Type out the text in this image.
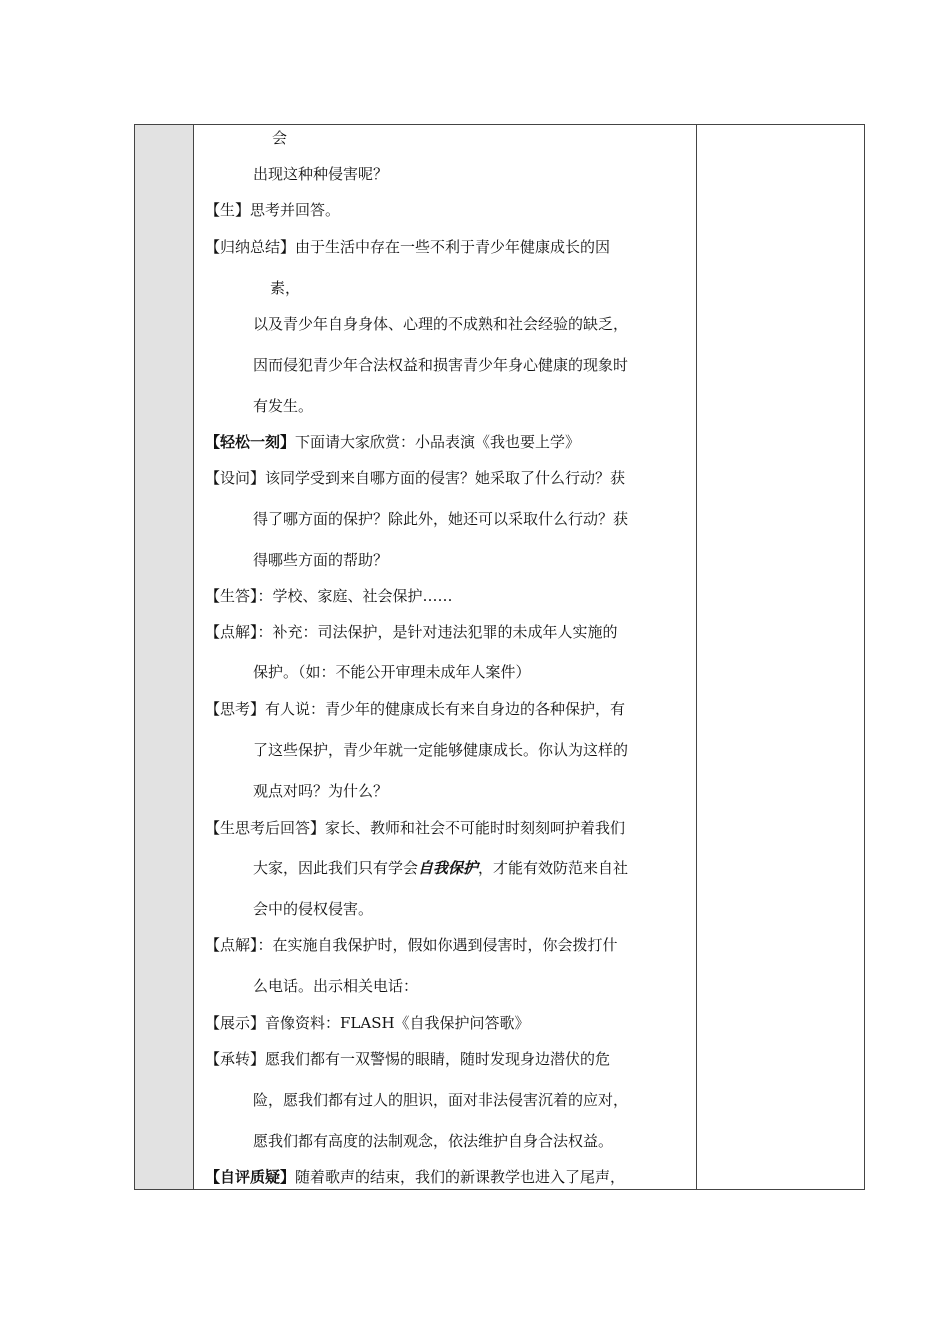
会
出现这种种侵害呢？
【生】思考并回答。
【归纳总结】由于生活中存在一些不利于青少年健康成长的因
素，
以及青少年自身身体、心理的不成熟和社会经验的缺乏，
因而侵犯青少年合法权益和损害青少年身心健康的现象时
有发生。
【轻松一刻】下面请大家欣赏：小品表演《我也要上学》
【设问】该同学受到来自哪方面的侵害？她采取了什么行动？获
得了哪方面的保护？除此外，她还可以采取什么行动？获
得哪些方面的帮助？
【生答】：学校、家庭、社会保护……
【点解】：补充：司法保护，是针对违法犯罪的未成年人实施的
保护。（如：不能公开审理未成年人案件）
【思考】有人说：青少年的健康成长有来自身边的各种保护，有
了这些保护，青少年就一定能够健康成长。你认为这样的
观点对吗？为什么？
【生思考后回答】家长、教师和社会不可能时时刻刻呵护着我们
大家，因此我们只有学会自我保护，才能有效防范来自社
会中的侵权侵害。
【点解】：在实施自我保护时，假如你遇到侵害时，你会拨打什
么电话。出示相关电话：
【展示】音像资料：FLASH《自我保护问答歌》
【承转】愿我们都有一双警惕的眼睛，随时发现身边潜伏的危
险，愿我们都有过人的胆识，面对非法侵害沉着的应对，
愿我们都有高度的法制观念，依法维护自身合法权益。
【自评质疑】随着歌声的结束，我们的新课教学也进入了尾声，
